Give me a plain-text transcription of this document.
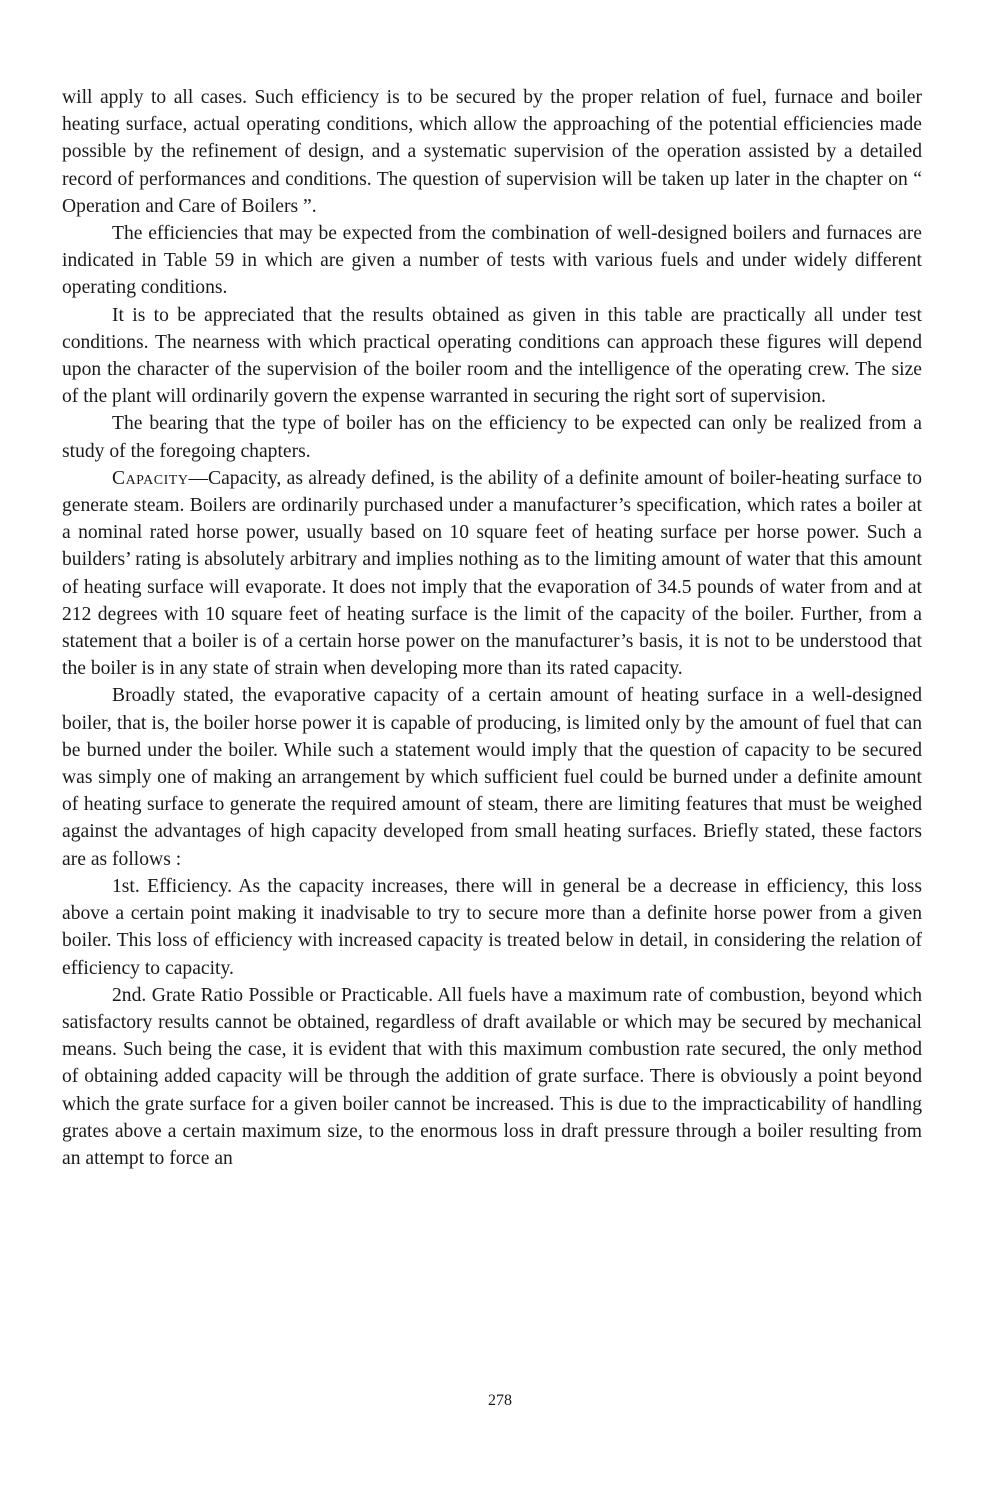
will apply to all cases. Such efficiency is to be secured by the proper relation of fuel, furnace and boiler heating surface, actual operating conditions, which allow the approaching of the potential efficiencies made possible by the refinement of design, and a systematic supervision of the operation assisted by a detailed record of performances and conditions. The question of supervision will be taken up later in the chapter on “ Operation and Care of Boilers ”.

The efficiencies that may be expected from the combination of well-designed boilers and furnaces are indicated in Table 59 in which are given a number of tests with various fuels and under widely different operating conditions.

It is to be appreciated that the results obtained as given in this table are practically all under test conditions. The nearness with which practical operating conditions can approach these figures will depend upon the character of the supervision of the boiler room and the intelligence of the operating crew. The size of the plant will ordinarily govern the expense warranted in securing the right sort of supervision.

The bearing that the type of boiler has on the efficiency to be expected can only be realized from a study of the foregoing chapters.

Capacity—Capacity, as already defined, is the ability of a definite amount of boiler-heating surface to generate steam. Boilers are ordinarily purchased under a manufacturer’s specification, which rates a boiler at a nominal rated horse power, usually based on 10 square feet of heating surface per horse power. Such a builders’ rating is absolutely arbitrary and implies nothing as to the limiting amount of water that this amount of heating surface will evaporate. It does not imply that the evaporation of 34.5 pounds of water from and at 212 degrees with 10 square feet of heating surface is the limit of the capacity of the boiler. Further, from a statement that a boiler is of a certain horse power on the manufacturer’s basis, it is not to be understood that the boiler is in any state of strain when developing more than its rated capacity.

Broadly stated, the evaporative capacity of a certain amount of heating surface in a well-designed boiler, that is, the boiler horse power it is capable of producing, is limited only by the amount of fuel that can be burned under the boiler. While such a statement would imply that the question of capacity to be secured was simply one of making an arrangement by which sufficient fuel could be burned under a definite amount of heating surface to generate the required amount of steam, there are limiting features that must be weighed against the advantages of high capacity developed from small heating surfaces. Briefly stated, these factors are as follows :

1st. Efficiency. As the capacity increases, there will in general be a decrease in efficiency, this loss above a certain point making it inadvisable to try to secure more than a definite horse power from a given boiler. This loss of efficiency with increased capacity is treated below in detail, in considering the relation of efficiency to capacity.

2nd. Grate Ratio Possible or Practicable. All fuels have a maximum rate of combustion, beyond which satisfactory results cannot be obtained, regardless of draft available or which may be secured by mechanical means. Such being the case, it is evident that with this maximum combustion rate secured, the only method of obtaining added capacity will be through the addition of grate surface. There is obviously a point beyond which the grate surface for a given boiler cannot be increased. This is due to the impracticability of handling grates above a certain maximum size, to the enormous loss in draft pressure through a boiler resulting from an attempt to force an

278
